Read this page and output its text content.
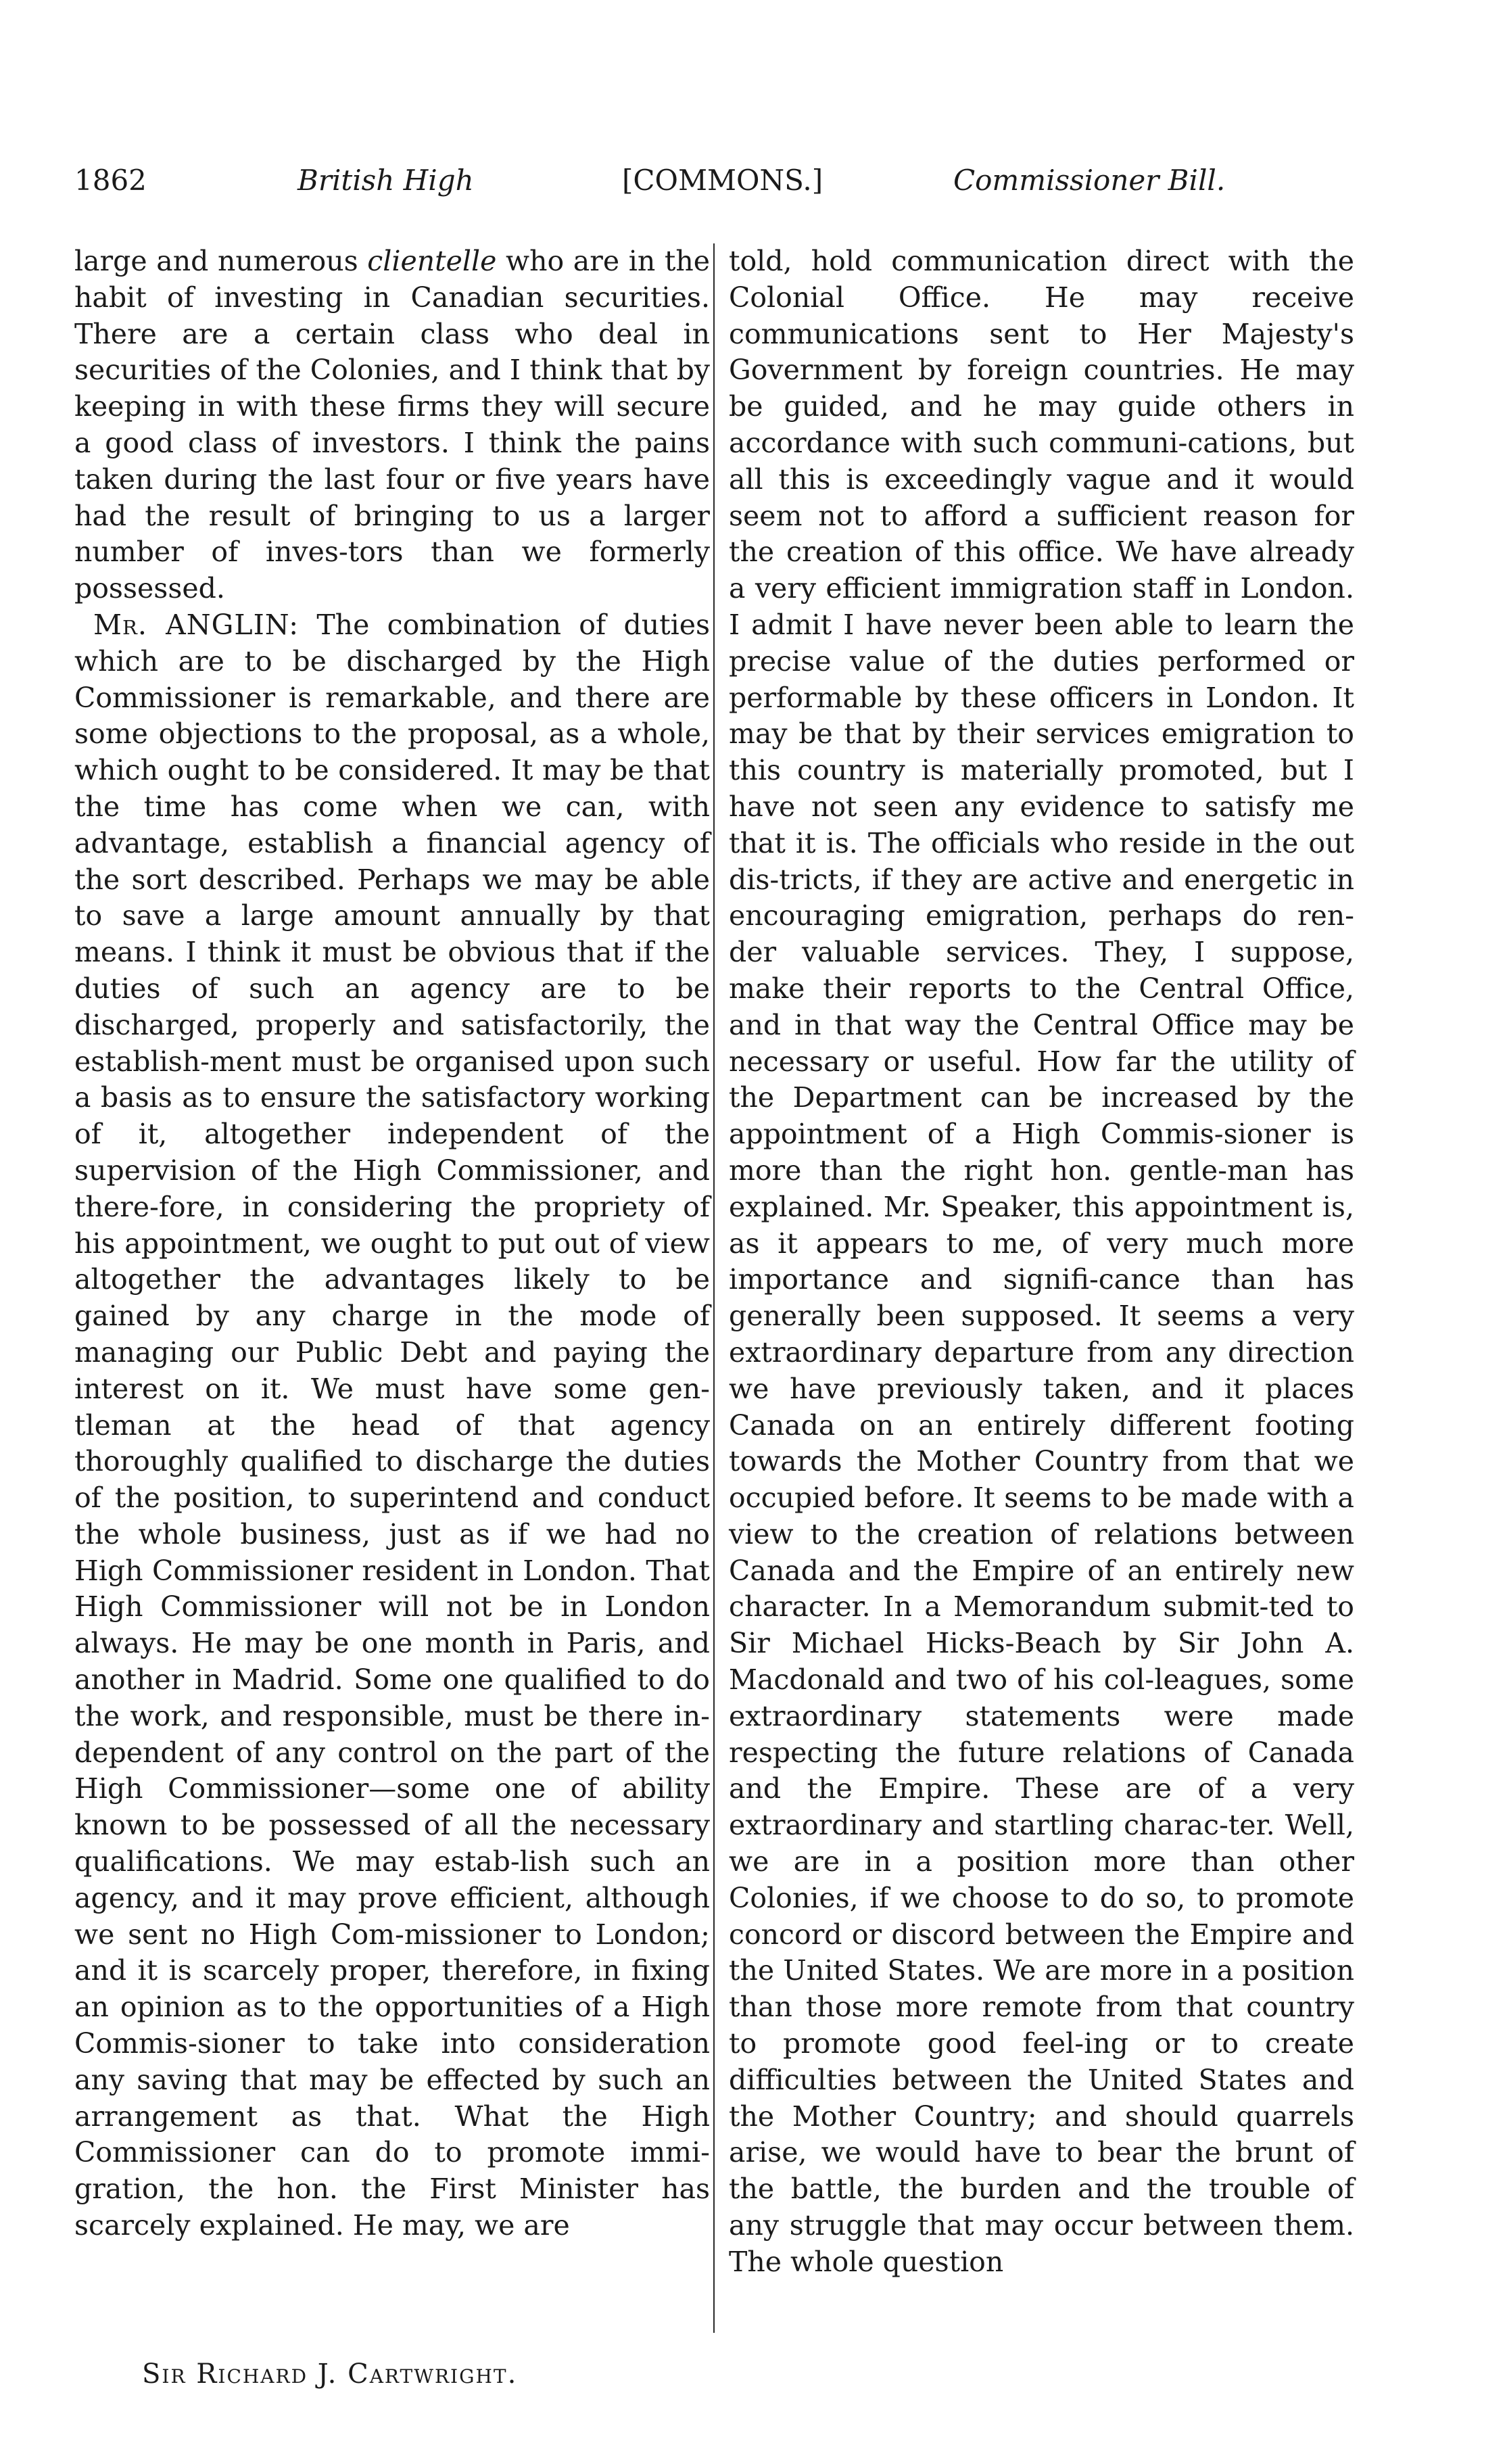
1862	British High	[COMMONS.]	Commissioner Bill.

large and numerous clientelle who are in the habit of investing in Canadian securities. There are a certain class who deal in securities of the Colonies, and I think that by keeping in with these firms they will secure a good class of investors. I think the pains taken during the last four or five years have had the result of bringing to us a larger number of inves-tors than we formerly possessed.

Mr. ANGLIN: The combination of duties which are to be discharged by the High Commissioner is remarkable, and there are some objections to the proposal, as a whole, which ought to be considered. It may be that the time has come when we can, with advantage, establish a financial agency of the sort described. Perhaps we may be able to save a large amount annually by that means. I think it must be obvious that if the duties of such an agency are to be discharged, properly and satisfactorily, the establish-ment must be organised upon such a basis as to ensure the satisfactory working of it, altogether independent of the supervision of the High Commissioner, and there-fore, in considering the propriety of his appointment, we ought to put out of view altogether the advantages likely to be gained by any charge in the mode of managing our Public Debt and paying the interest on it. We must have some gen-tleman at the head of that agency thoroughly qualified to discharge the duties of the position, to superintend and conduct the whole business, just as if we had no High Commissioner resident in London. That High Commissioner will not be in London always. He may be one month in Paris, and another in Madrid. Some one qualified to do the work, and responsible, must be there in-dependent of any control on the part of the High Commissioner—some one of ability known to be possessed of all the necessary qualifications. We may estab-lish such an agency, and it may prove efficient, although we sent no High Com-missioner to London; and it is scarcely proper, therefore, in fixing an opinion as to the opportunities of a High Commis-sioner to take into consideration any saving that may be effected by such an arrangement as that. What the High Commissioner can do to promote immi-gration, the hon. the First Minister has scarcely explained. He may, we are

told, hold communication direct with the Colonial Office. He may receive communications sent to Her Majesty's Government by foreign countries. He may be guided, and he may guide others in accordance with such communi-cations, but all this is exceedingly vague and it would seem not to afford a sufficient reason for the creation of this office. We have already a very efficient immigration staff in London. I admit I have never been able to learn the precise value of the duties performed or performable by these officers in London. It may be that by their services emigration to this country is materially promoted, but I have not seen any evidence to satisfy me that it is. The officials who reside in the out dis-tricts, if they are active and energetic in encouraging emigration, perhaps do ren-der valuable services. They, I suppose, make their reports to the Central Office, and in that way the Central Office may be necessary or useful. How far the utility of the Department can be increased by the appointment of a High Commis-sioner is more than the right hon. gentle-man has explained. Mr. Speaker, this appointment is, as it appears to me, of very much more importance and signifi-cance than has generally been supposed. It seems a very extraordinary departure from any direction we have previously taken, and it places Canada on an entirely different footing towards the Mother Country from that we occupied before. It seems to be made with a view to the creation of relations between Canada and the Empire of an entirely new character. In a Memorandum submit-ted to Sir Michael Hicks-Beach by Sir John A. Macdonald and two of his col-leagues, some extraordinary statements were made respecting the future relations of Canada and the Empire. These are of a very extraordinary and startling charac-ter. Well, we are in a position more than other Colonies, if we choose to do so, to promote concord or discord between the Empire and the United States. We are more in a position than those more remote from that country to promote good feel-ing or to create difficulties between the United States and the Mother Country; and should quarrels arise, we would have to bear the brunt of the battle, the burden and the trouble of any struggle that may occur between them. The whole question

Sir Richard J. Cartwright.
